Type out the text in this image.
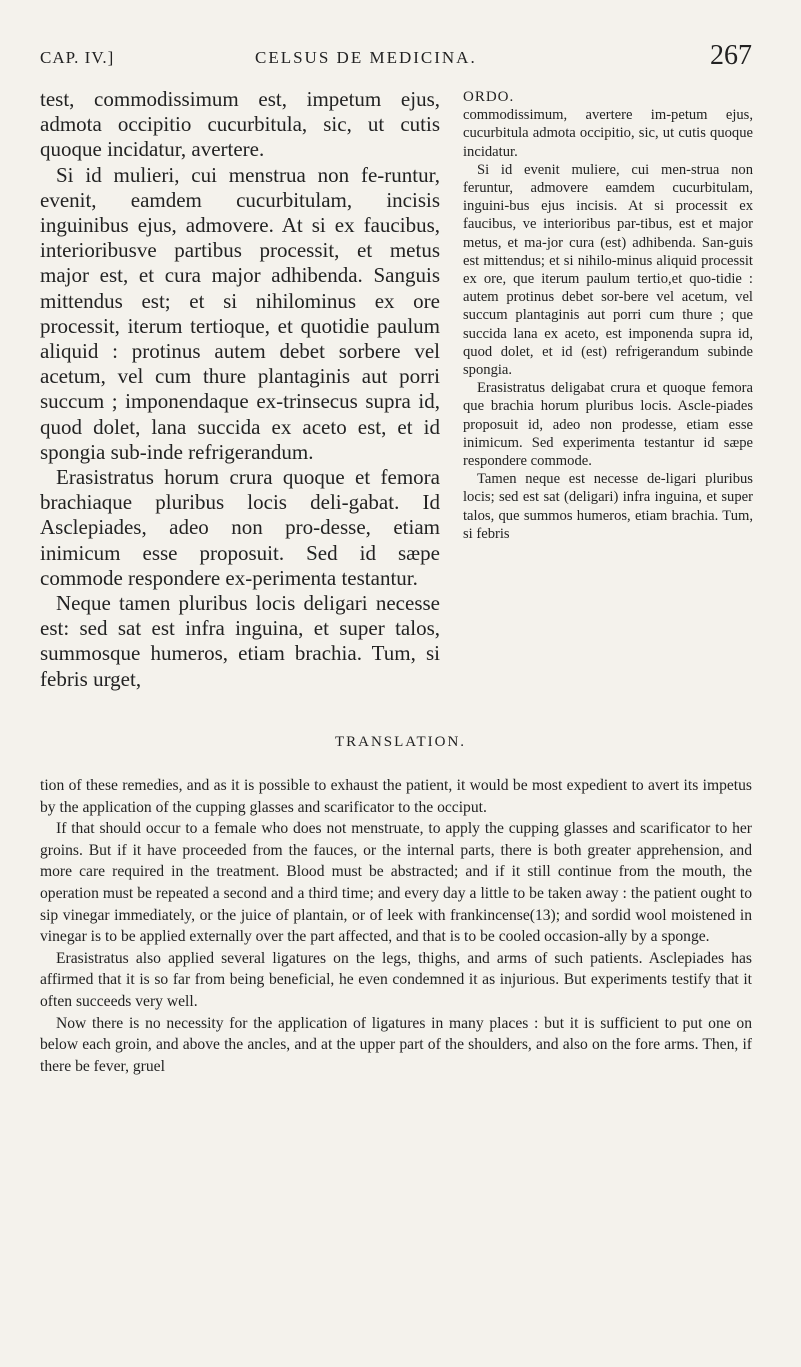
CAP. IV.]	CELSUS DE MEDICINA.	267

test, commodissimum est, impetum ejus, admota occipitio cucurbitula, sic, ut cutis quoque incidatur, avertere.

Si id mulieri, cui menstrua non fe-runtur, evenit, eamdem cucurbitulam, incisis inguinibus ejus, admovere. At si ex faucibus, interioribusve partibus processit, et metus major est, et cura major adhibenda. Sanguis mittendus est; et si nihilominus ex ore processit, iterum tertioque, et quotidie paulum aliquid : protinus autem debet sorbere vel acetum, vel cum thure plantaginis aut porri succum ; imponendaque ex-trinsecus supra id, quod dolet, lana succida ex aceto est, et id spongia sub-inde refrigerandum.

Erasistratus horum crura quoque et femora brachiaque pluribus locis deli-gabat. Id Asclepiades, adeo non pro-desse, etiam inimicum esse proposuit. Sed id sæpe commode respondere ex-perimenta testantur.

Neque tamen pluribus locis deligari necesse est: sed sat est infra inguina, et super talos, summosque humeros, etiam brachia. Tum, si febris urget,

ORDO.

commodissimum, avertere im-petum ejus, cucurbitula admota occipitio, sic, ut cutis quoque incidatur.

Si id evenit muliere, cui men-strua non feruntur, admovere eamdem cucurbitulam, inguini-bus ejus incisis. At si processit ex faucibus, ve interioribus par-tibus, est et major metus, et ma-jor cura (est) adhibenda. San-guis est mittendus; et si nihilo-minus aliquid processit ex ore, que iterum paulum tertio,et quo-tidie : autem protinus debet sor-bere vel acetum, vel succum plantaginis aut porri cum thure ; que succida lana ex aceto, est imponenda supra id, quod dolet, et id (est) refrigerandum subinde spongia.

Erasistratus deligabat crura et quoque femora que brachia horum pluribus locis. Ascle-piades proposuit id, adeo non prodesse, etiam esse inimicum. Sed experimenta testantur id sæpe respondere commode.

Tamen neque est necesse de-ligari pluribus locis; sed est sat (deligari) infra inguina, et super talos, que summos humeros, etiam brachia. Tum, si febris

TRANSLATION.

tion of these remedies, and as it is possible to exhaust the patient, it would be most expedient to avert its impetus by the application of the cupping glasses and scarificator to the occiput.

If that should occur to a female who does not menstruate, to apply the cupping glasses and scarificator to her groins. But if it have proceeded from the fauces, or the internal parts, there is both greater apprehension, and more care required in the treatment. Blood must be abstracted; and if it still continue from the mouth, the operation must be repeated a second and a third time; and every day a little to be taken away : the patient ought to sip vinegar immediately, or the juice of plantain, or of leek with frankincense(13); and sordid wool moistened in vinegar is to be applied externally over the part affected, and that is to be cooled occasion-ally by a sponge.

Erasistratus also applied several ligatures on the legs, thighs, and arms of such patients. Asclepiades has affirmed that it is so far from being beneficial, he even condemned it as injurious. But experiments testify that it often succeeds very well.

Now there is no necessity for the application of ligatures in many places : but it is sufficient to put one on below each groin, and above the ancles, and at the upper part of the shoulders, and also on the fore arms. Then, if there be fever, gruel
